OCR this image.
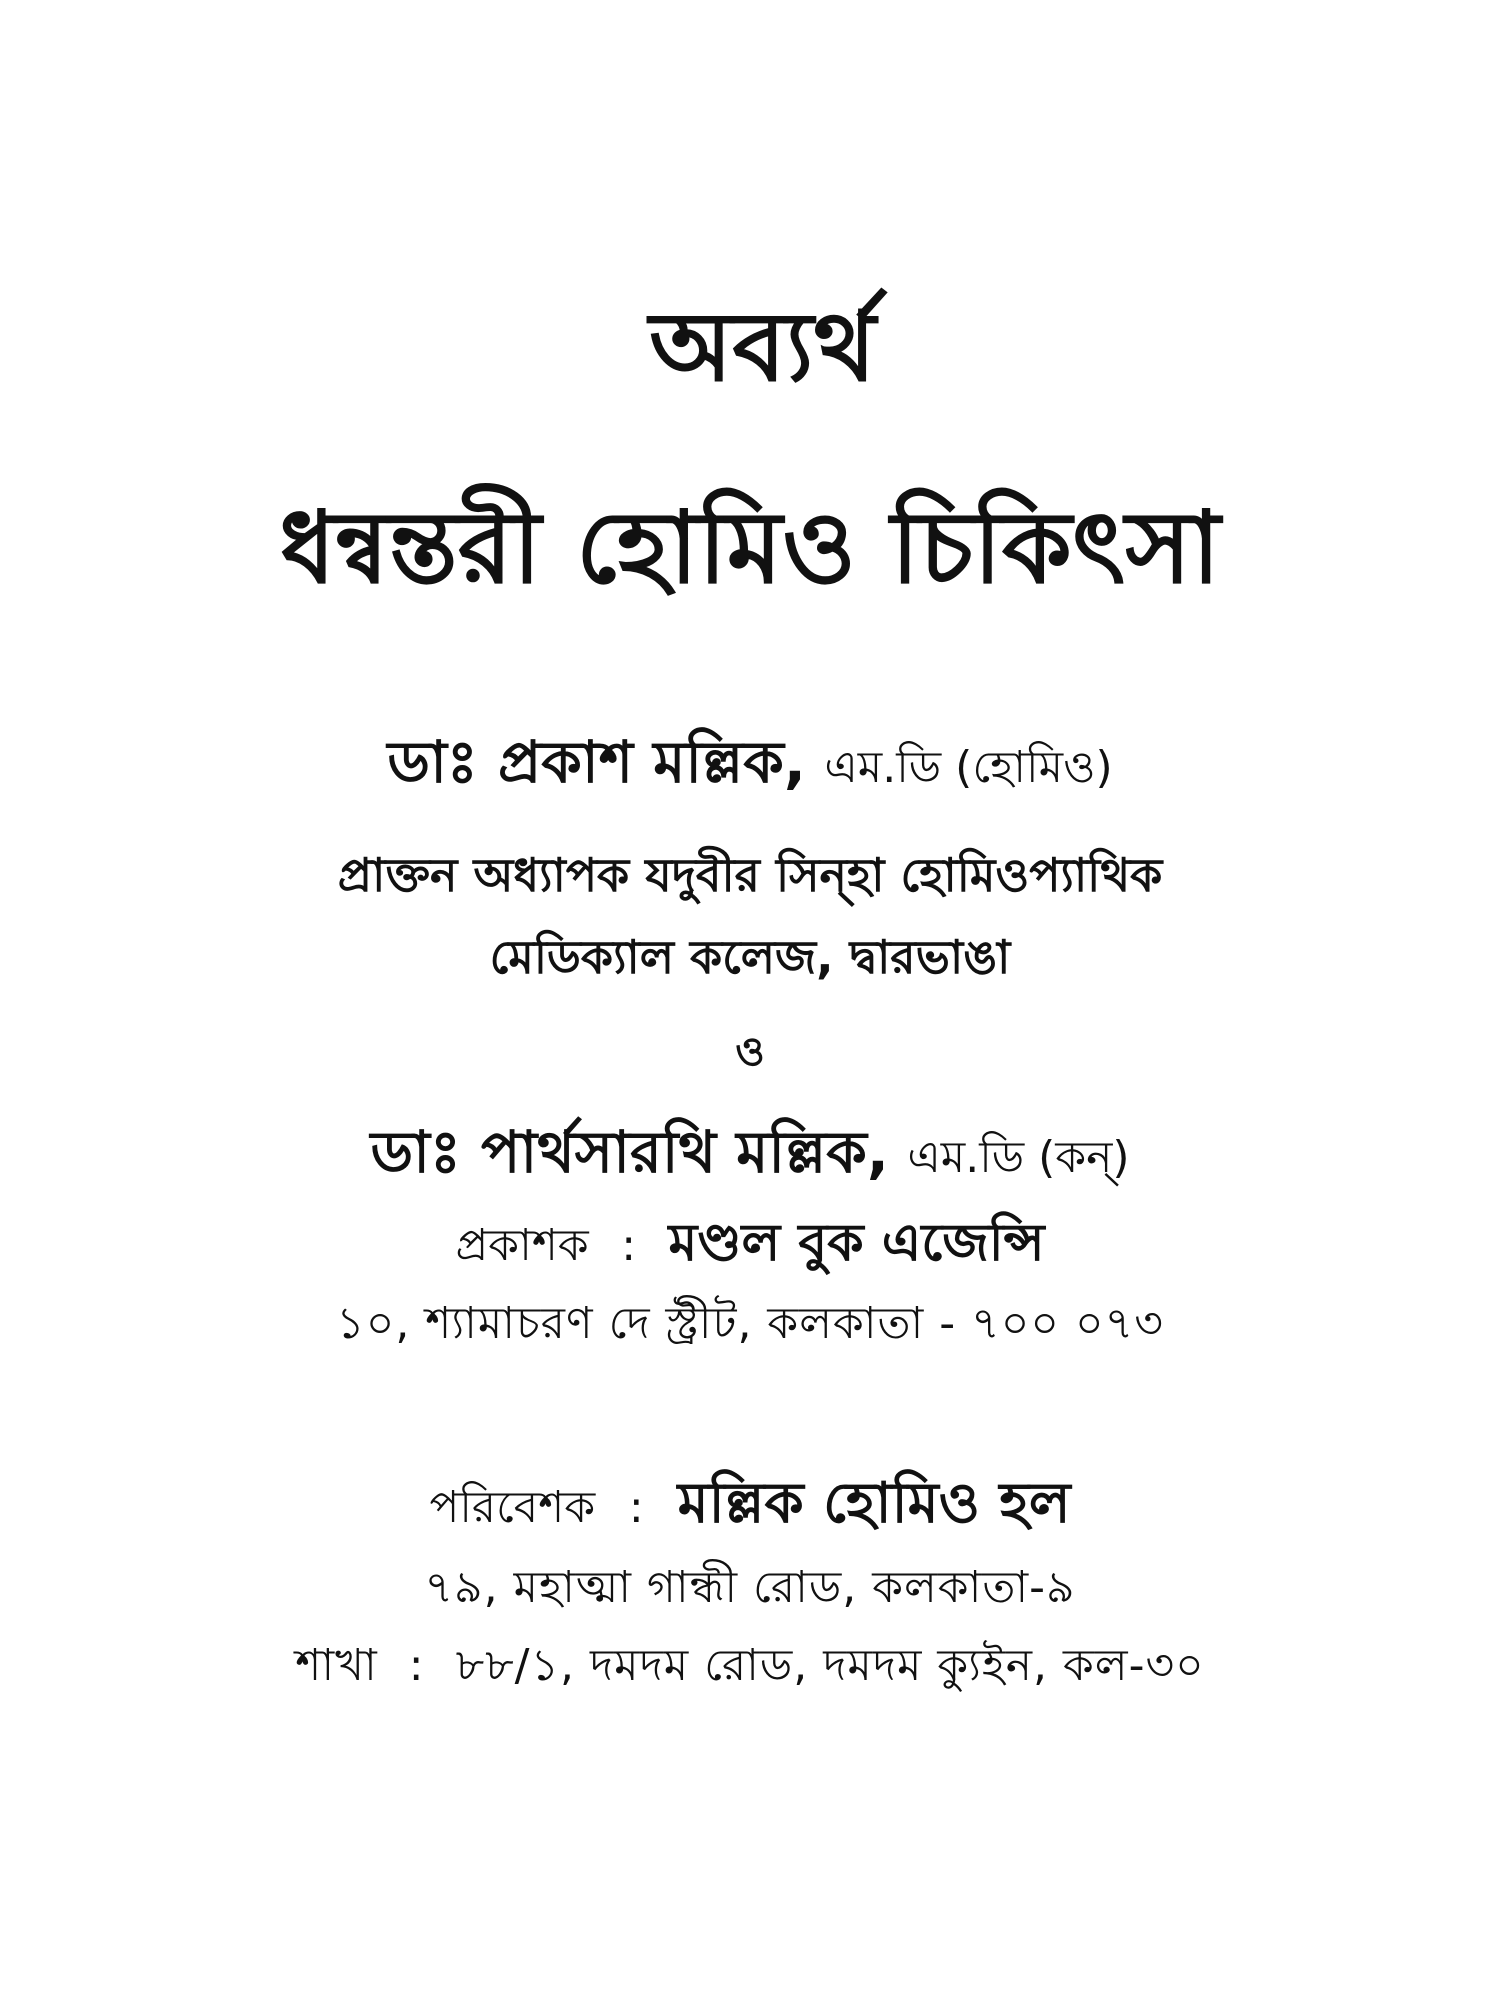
অব্যর্থ
ধন্বন্তরী হোমিও চিকিৎসা
ডাঃ প্রকাশ মল্লিক, এম.ডি (হোমিও)
প্রাক্তন অধ্যাপক যদুবীর সিন্‌হা হোমিওপ্যাথিক
মেডিক্যাল কলেজ, দ্বারভাঙা
ও
ডাঃ পার্থসারথি মল্লিক, এম.ডি (কন্‌)
প্রকাশক : মণ্ডল বুক এজেন্সি
১০, শ্যামাচরণ দে স্ট্রীট, কলকাতা - ৭০০ ০৭৩
পরিবেশক : মল্লিক হোমিও হল
৭৯, মহাত্মা গান্ধী রোড, কলকাতা-৯
শাখা : ৮৮/১, দমদম রোড, দমদম ক্যুইন, কল-৩০
